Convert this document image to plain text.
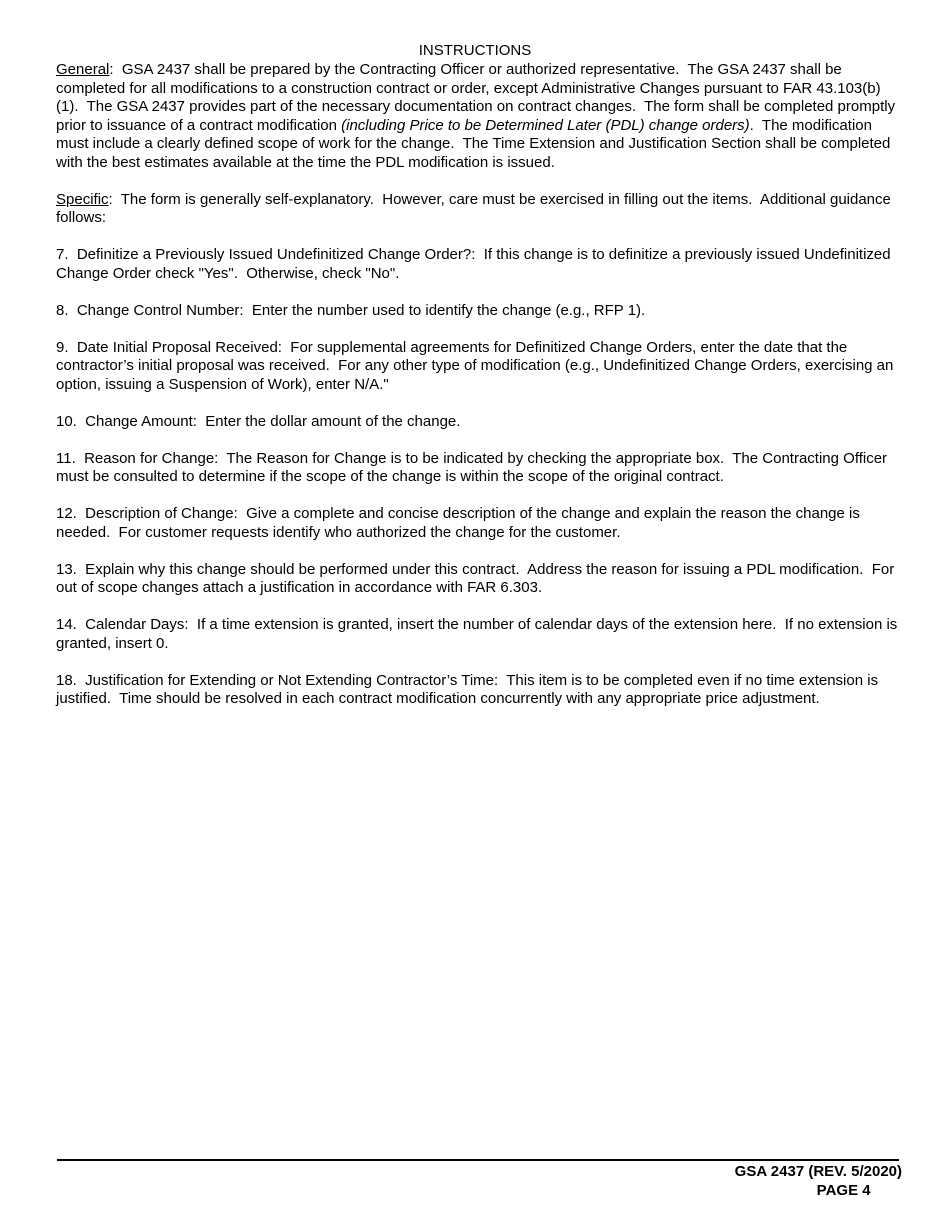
INSTRUCTIONS

General:  GSA 2437 shall be prepared by the Contracting Officer or authorized representative.  The GSA 2437 shall be completed for all modifications to a construction contract or order, except Administrative Changes pursuant to FAR 43.103(b)(1).  The GSA 2437 provides part of the necessary documentation on contract changes.  The form shall be completed promptly prior to issuance of a contract modification (including Price to be Determined Later (PDL) change orders).  The modification must include a clearly defined scope of work for the change.  The Time Extension and Justification Section shall be completed with the best estimates available at the time the PDL modification is issued.

Specific:  The form is generally self-explanatory.  However, care must be exercised in filling out the items.  Additional guidance follows:

7.  Definitize a Previously Issued Undefinitized Change Order?:  If this change is to definitize a previously issued Undefinitized Change Order check "Yes".  Otherwise, check "No".

8.  Change Control Number:  Enter the number used to identify the change (e.g., RFP 1).

9.  Date Initial Proposal Received:  For supplemental agreements for Definitized Change Orders, enter the date that the contractor’s initial proposal was received.  For any other type of modification (e.g., Undefinitized Change Orders, exercising an option, issuing a Suspension of Work), enter N/A."

10.  Change Amount:  Enter the dollar amount of the change.

11.  Reason for Change:  The Reason for Change is to be indicated by checking the appropriate box.  The Contracting Officer must be consulted to determine if the scope of the change is within the scope of the original contract.

12.  Description of Change:  Give a complete and concise description of the change and explain the reason the change is needed.  For customer requests identify who authorized the change for the customer.

13.  Explain why this change should be performed under this contract.  Address the reason for issuing a PDL modification.  For out of scope changes attach a justification in accordance with FAR 6.303.

14.  Calendar Days:  If a time extension is granted, insert the number of calendar days of the extension here.  If no extension is granted, insert 0.

18.  Justification for Extending or Not Extending Contractor’s Time:  This item is to be completed even if no time extension is justified.  Time should be resolved in each contract modification concurrently with any appropriate price adjustment.

GSA 2437 (REV. 5/2020)
PAGE 4
